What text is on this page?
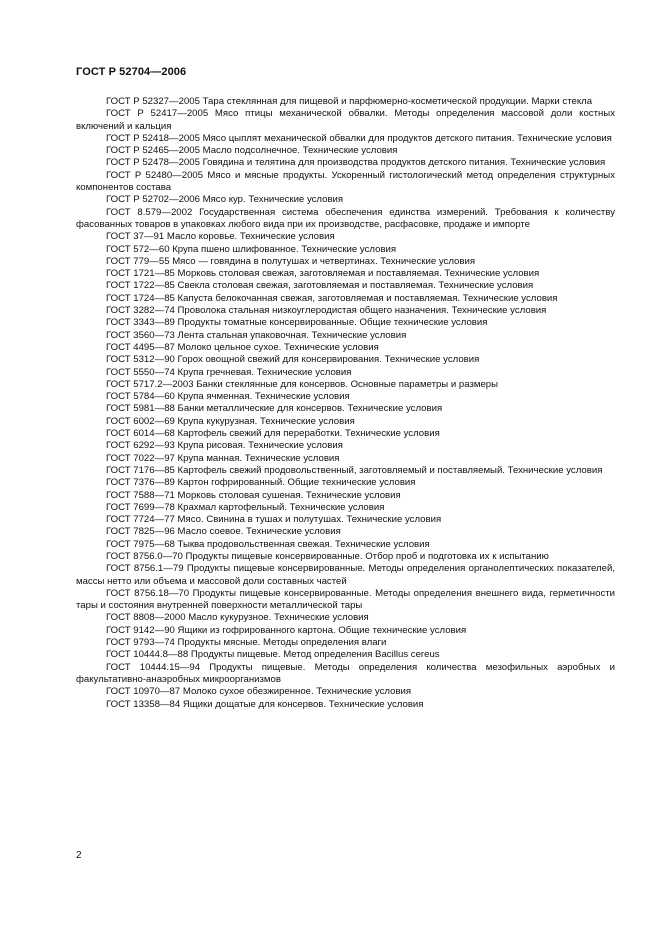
ГОСТ Р 52704—2006
ГОСТ Р 52327—2005 Тара стеклянная для пищевой и парфюмерно-косметической продукции. Марки стекла
ГОСТ Р 52417—2005 Мясо птицы механической обвалки. Методы определения массовой доли костных включений и кальция
ГОСТ Р 52418—2005 Мясо цыплят механической обвалки для продуктов детского питания. Технические условия
ГОСТ Р 52465—2005 Масло подсолнечное. Технические условия
ГОСТ Р 52478—2005 Говядина и телятина для производства продуктов детского питания. Технические условия
ГОСТ Р 52480—2005 Мясо и мясные продукты. Ускоренный гистологический метод определения структурных компонентов состава
ГОСТ Р 52702—2006 Мясо кур. Технические условия
ГОСТ 8.579—2002 Государственная система обеспечения единства измерений. Требования к количеству фасованных товаров в упаковках любого вида при их производстве, расфасовке, продаже и импорте
ГОСТ 37—91 Масло коровье. Технические условия
ГОСТ 572—60 Крупа пшено шлифованное. Технические условия
ГОСТ 779—55 Мясо — говядина в полутушах и четвертинах. Технические условия
ГОСТ 1721—85 Морковь столовая свежая, заготовляемая и поставляемая. Технические условия
ГОСТ 1722—85 Свекла столовая свежая, заготовляемая и поставляемая. Технические условия
ГОСТ 1724—85 Капуста белокочанная свежая, заготовляемая и поставляемая. Технические условия
ГОСТ 3282—74 Проволока стальная низкоуглеродистая общего назначения. Технические условия
ГОСТ 3343—89 Продукты томатные консервированные. Общие технические условия
ГОСТ 3560—73 Лента стальная упаковочная. Технические условия
ГОСТ 4495—87 Молоко цельное сухое. Технические условия
ГОСТ 5312—90 Горох овощной свежий для консервирования. Технические условия
ГОСТ 5550—74 Крупа гречневая. Технические условия
ГОСТ 5717.2—2003 Банки стеклянные для консервов. Основные параметры и размеры
ГОСТ 5784—60 Крупа ячменная. Технические условия
ГОСТ 5981—88 Банки металлические для консервов. Технические условия
ГОСТ 6002—69 Крупа кукурузная. Технические условия
ГОСТ 6014—68 Картофель свежий для переработки. Технические условия
ГОСТ 6292—93 Крупа рисовая. Технические условия
ГОСТ 7022—97 Крупа манная. Технические условия
ГОСТ 7176—85 Картофель свежий продовольственный, заготовляемый и поставляемый. Технические условия
ГОСТ 7376—89 Картон гофрированный. Общие технические условия
ГОСТ 7588—71 Морковь столовая сушеная. Технические условия
ГОСТ 7699—78 Крахмал картофельный. Технические условия
ГОСТ 7724—77 Мясо. Свинина в тушах и полутушах. Технические условия
ГОСТ 7825—96 Масло соевое. Технические условия
ГОСТ 7975—68 Тыква продовольственная свежая. Технические условия
ГОСТ 8756.0—70 Продукты пищевые консервированные. Отбор проб и подготовка их к испытанию
ГОСТ 8756.1—79 Продукты пищевые консервированные. Методы определения органолептических показателей, массы нетто или объема и массовой доли составных частей
ГОСТ 8756.18—70 Продукты пищевые консервированные. Методы определения внешнего вида, герметичности тары и состояния внутренней поверхности металлической тары
ГОСТ 8808—2000 Масло кукурузное. Технические условия
ГОСТ 9142—90 Ящики из гофрированного картона. Общие технические условия
ГОСТ 9793—74 Продукты мясные. Методы определения влаги
ГОСТ 10444.8—88 Продукты пищевые. Метод определения Bacillus cereus
ГОСТ 10444.15—94 Продукты пищевые. Методы определения количества мезофильных аэробных и факультативно-анаэробных микроорганизмов
ГОСТ 10970—87 Молоко сухое обезжиренное. Технические условия
ГОСТ 13358—84 Ящики дощатые для консервов. Технические условия
2
